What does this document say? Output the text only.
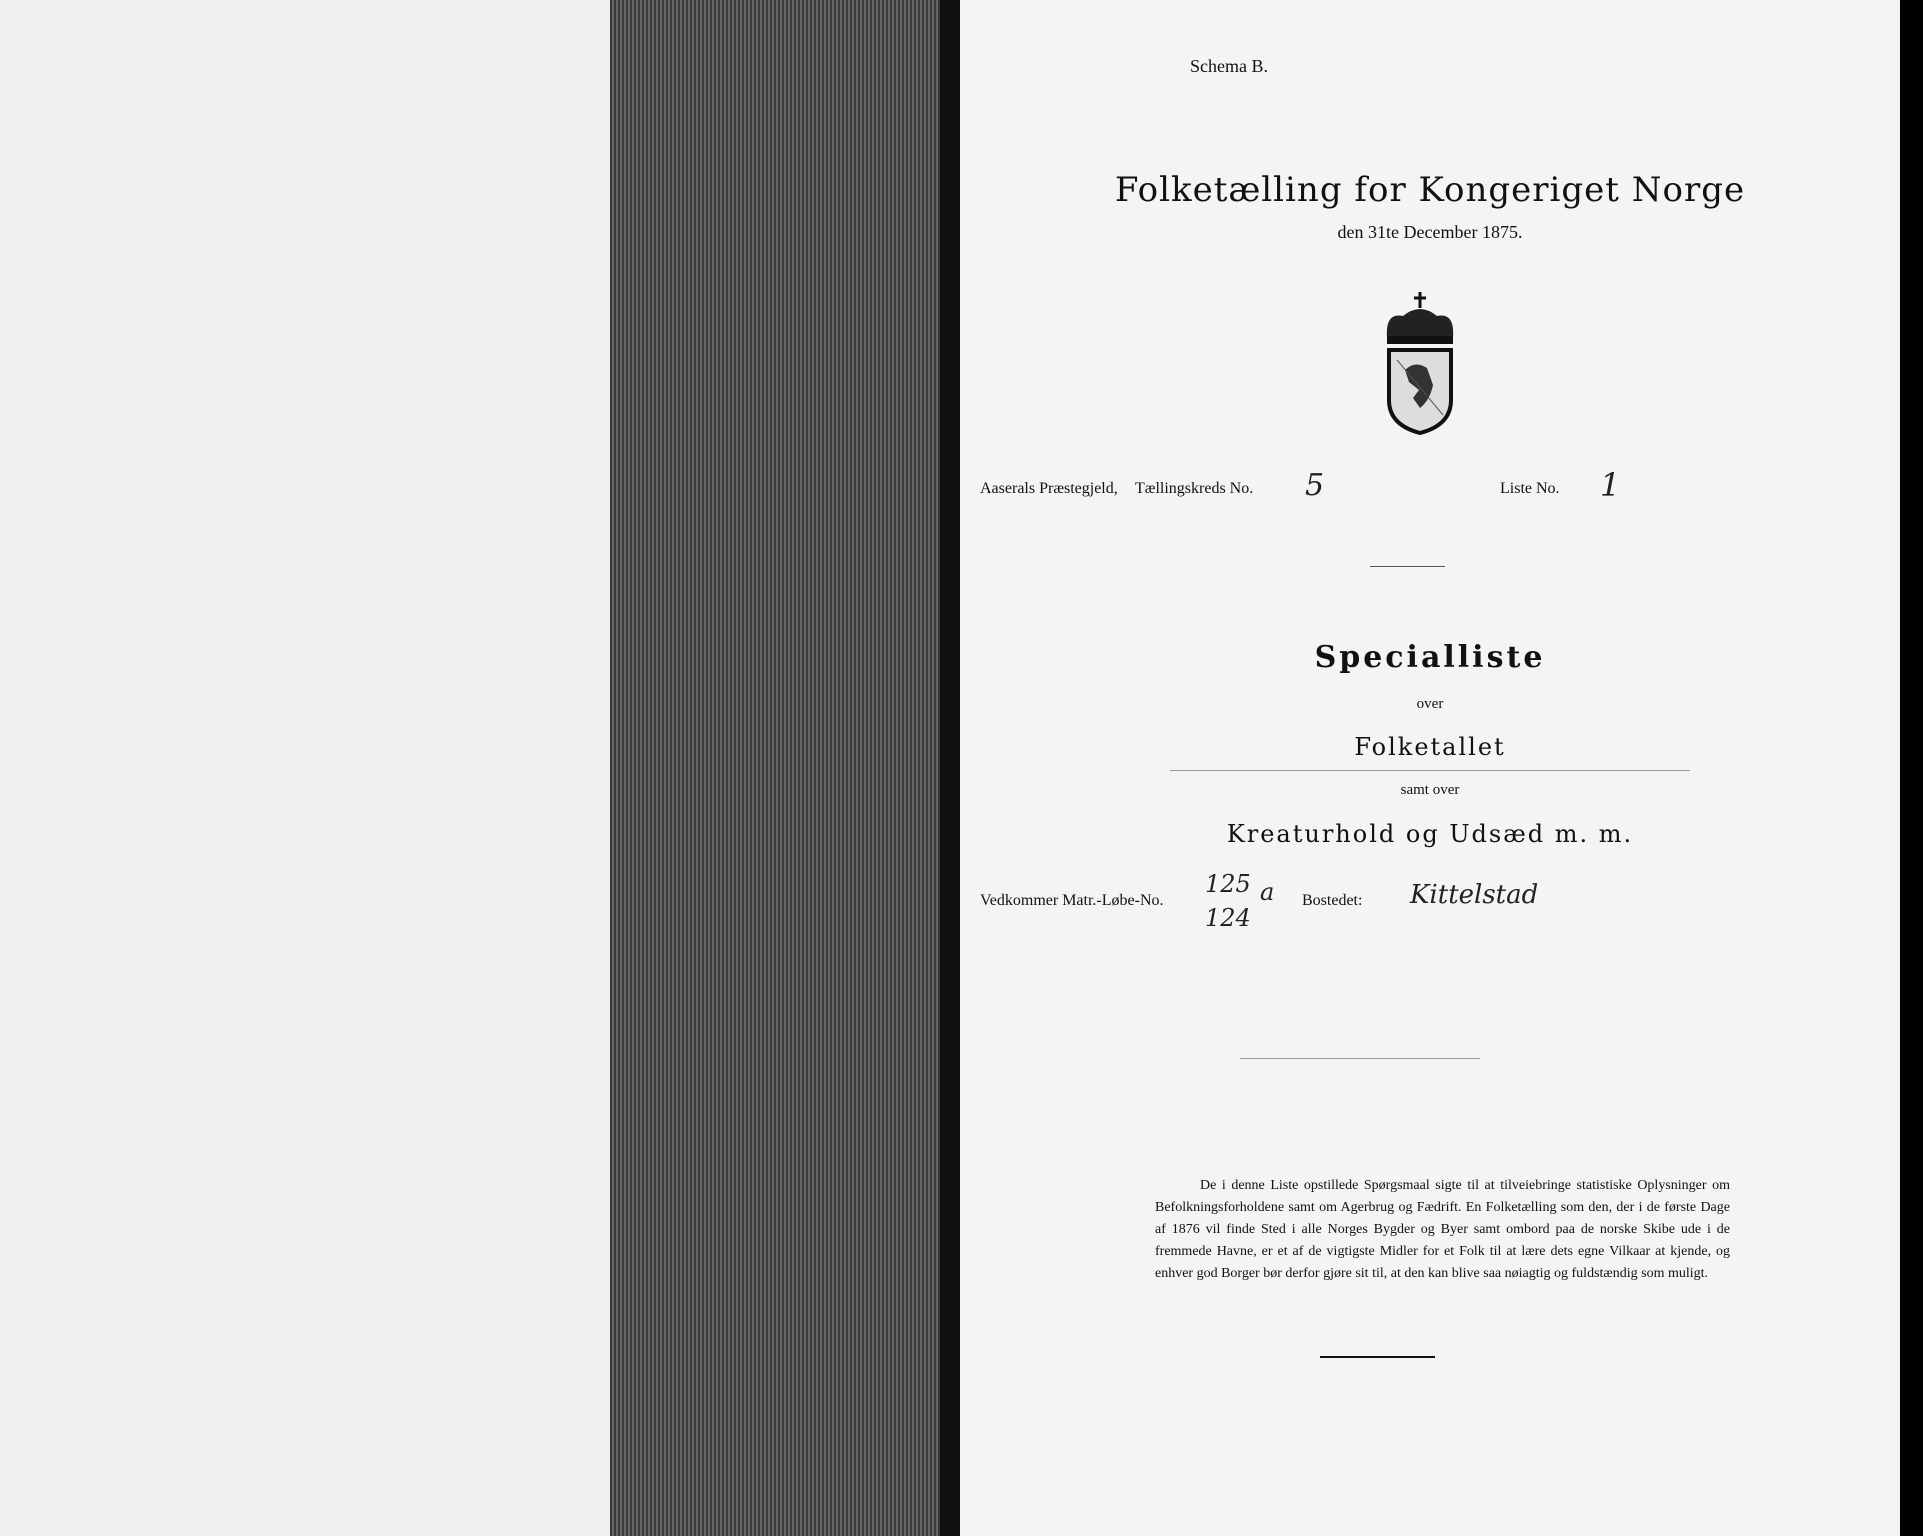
Schema B.
Folketælling for Kongeriget Norge
den 31te December 1875.
Aaserals Præstegjeld, Tællingskreds No. 5	Liste No. 1
Specialliste
over
Folketallet
samt over
Kreaturhold og Udsæd m. m.
Vedkommer Matr.-Løbe-No.
125
124
a Bostedet: Kittelstad

De i denne Liste opstillede Spørgsmaal sigte til at tilveiebringe statistiske Oplysninger om Befolkningsforholdene samt om Agerbrug og Fædrift. En Folketælling som den, der i de første Dage af 1876 vil finde Sted i alle Norges Bygder og Byer samt ombord paa de norske Skibe ude i de fremmede Havne, er et af de vigtigste Midler for et Folk til at lære dets egne Vilkaar at kjende, og enhver god Borger bør derfor gjøre sit til, at den kan blive saa nøiagtig og fuldstændig som muligt.
